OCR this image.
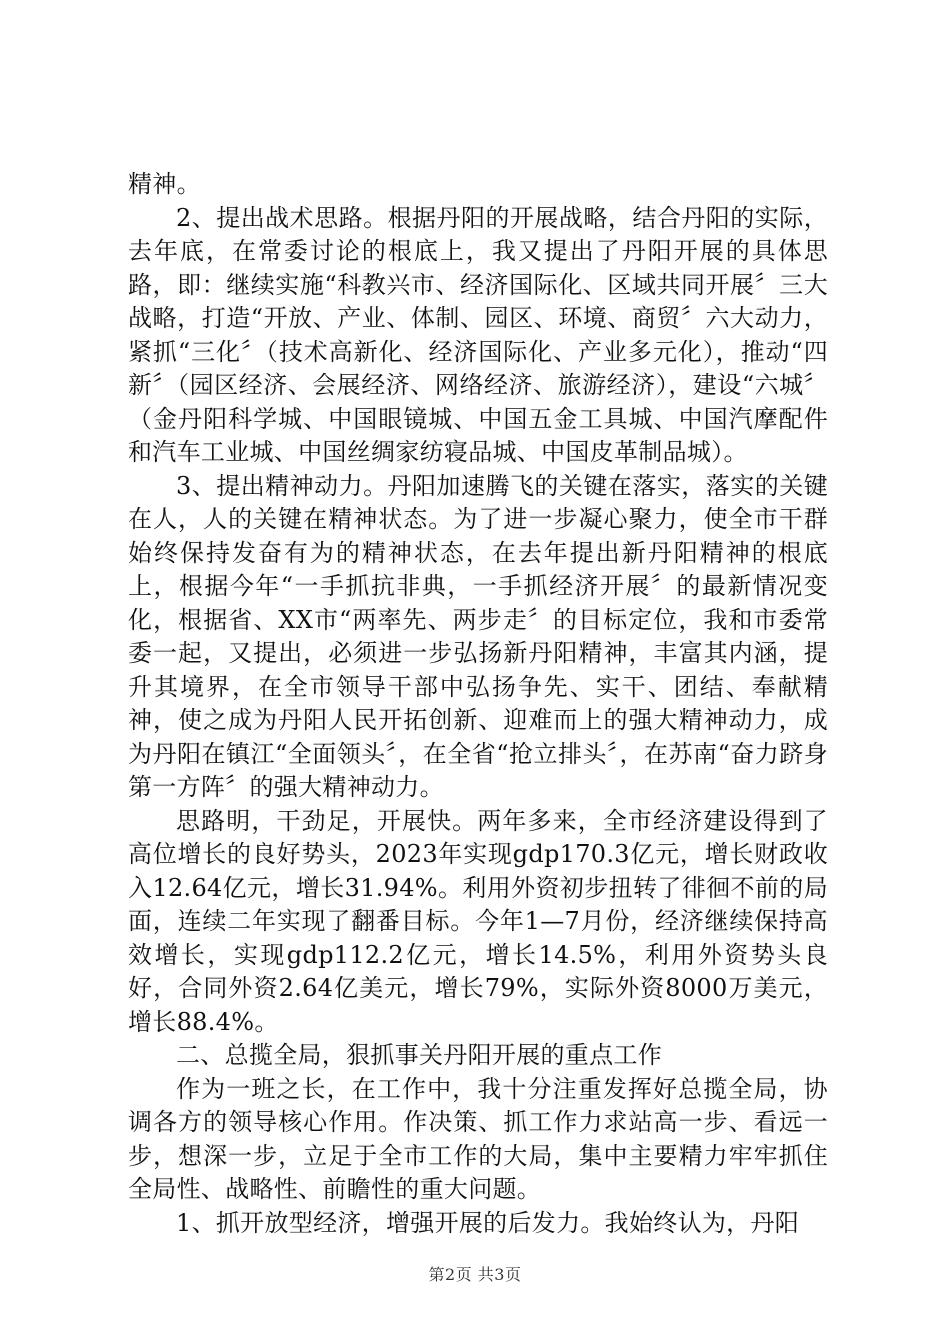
精神。

2、提出战术思路。根据丹阳的开展战略，结合丹阳的实际，去年底，在常委讨论的根底上，我又提出了丹阳开展的具体思路，即：继续实施“科教兴市、经济国际化、区域共同开展〞三大战略，打造“开放、产业、体制、园区、环境、商贸〞六大动力，紧抓“三化〞（技术高新化、经济国际化、产业多元化），推动“四新〞（园区经济、会展经济、网络经济、旅游经济），建设“六城〞（金丹阳科学城、中国眼镜城、中国五金工具城、中国汽摩配件和汽车工业城、中国丝绸家纺寝品城、中国皮革制品城）。

3、提出精神动力。丹阳加速腾飞的关键在落实，落实的关键在人，人的关键在精神状态。为了进一步凝心聚力，使全市干群始终保持发奋有为的精神状态，在去年提出新丹阳精神的根底上，根据今年“一手抓抗非典，一手抓经济开展〞的最新情况变化，根据省、XX市“两率先、两步走〞的目标定位，我和市委常委一起，又提出，必须进一步弘扬新丹阳精神，丰富其内涵，提升其境界，在全市领导干部中弘扬争先、实干、团结、奉献精神，使之成为丹阳人民开拓创新、迎难而上的强大精神动力，成为丹阳在镇江“全面领头〞，在全省“抢立排头〞，在苏南“奋力跻身第一方阵〞的强大精神动力。

思路明，干劲足，开展快。两年多来，全市经济建设得到了高位增长的良好势头，2023年实现gdp170.3亿元，增长财政收入12.64亿元，增长31.94%。利用外资初步扭转了徘徊不前的局面，连续二年实现了翻番目标。今年1—7月份，经济继续保持高效增长，实现gdp112.2亿元，增长14.5%，利用外资势头良好，合同外资2.64亿美元，增长79%，实际外资8000万美元，增长88.4%。

二、总揽全局，狠抓事关丹阳开展的重点工作

作为一班之长，在工作中，我十分注重发挥好总揽全局，协调各方的领导核心作用。作决策、抓工作力求站高一步、看远一步，想深一步，立足于全市工作的大局，集中主要精力牢牢抓住全局性、战略性、前瞻性的重大问题。

1、抓开放型经济，增强开展的后发力。我始终认为，丹阳

第2页 共3页
